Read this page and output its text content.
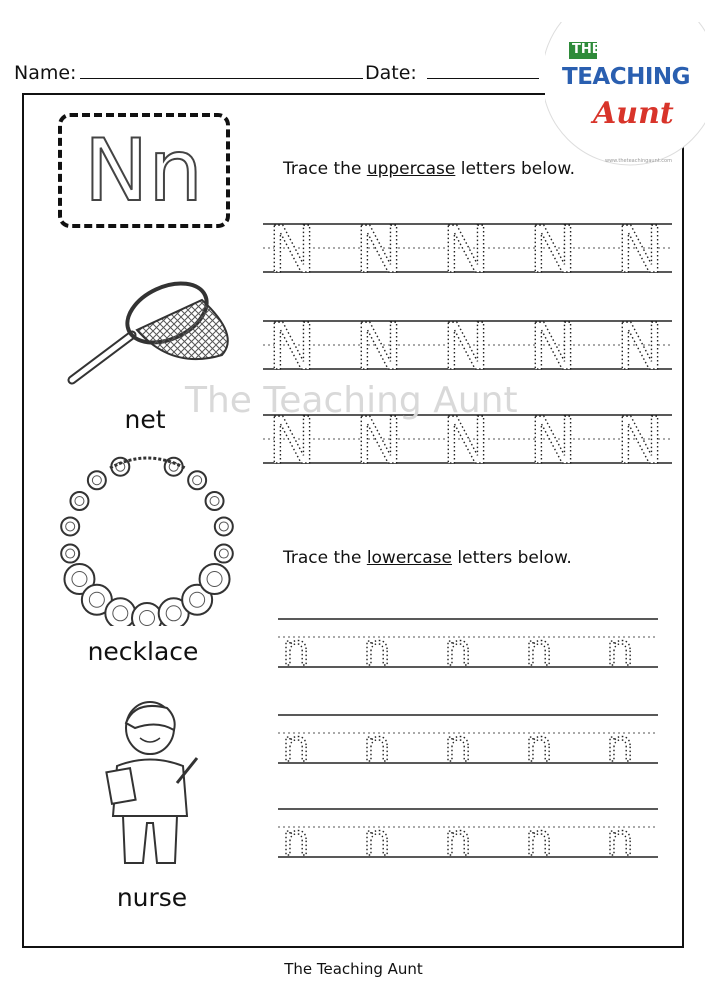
Name:	Date:
THE
TEACHING
Aunt
www.theteachingaunt.com
Nn	Trace the uppercase letters below.
Trace the lowercase letters below.
N N N N N
N N N N N
N N N N N
n n n n n
n n n n n
n n n n n
net
necklace
nurse
The Teaching Aunt
The Teaching Aunt
